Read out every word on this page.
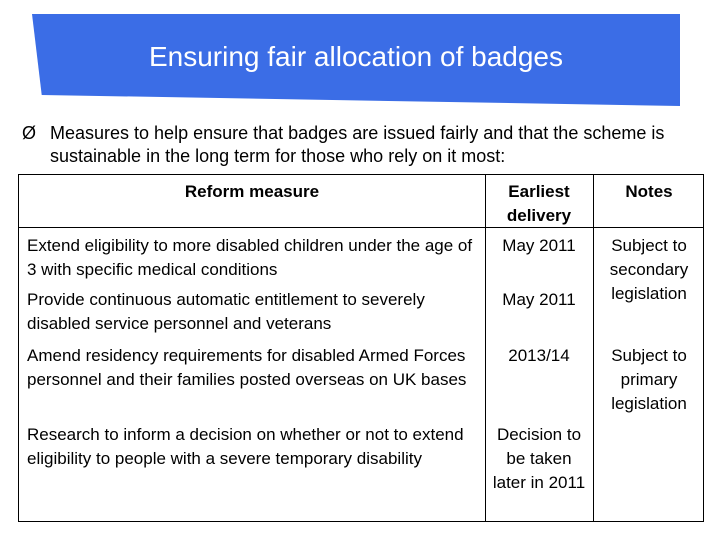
Ensuring fair allocation of badges
Ø Measures to help ensure that badges are issued fairly and that the scheme is sustainable in the long term for those who rely on it most:
Reform measure	Earliest delivery
Notes
Extend eligibility to more disabled children under the age of 3 with specific medical conditions
May 2011
Provide continuous automatic entitlement to severely disabled service personnel and veterans
May 2011
Subject to secondary legislation
Amend residency requirements for disabled Armed Forces personnel and their families posted overseas on UK bases
2013/14	Subject to primary legislation
Research to inform a decision on whether or not to extend eligibility to people with a severe temporary disability
Decision to be taken later in 2011
